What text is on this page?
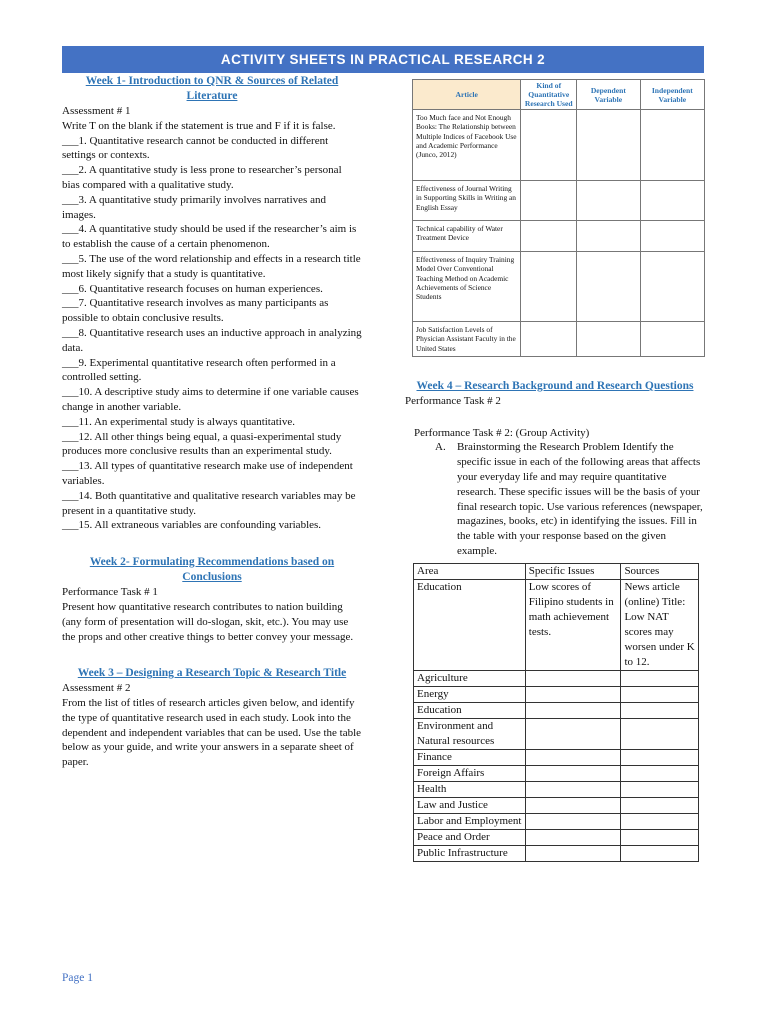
ACTIVITY SHEETS IN PRACTICAL RESEARCH 2
Week 1- Introduction to QNR & Sources of Related Literature
Assessment # 1
Write T on the blank if the statement is true and F if it is false.
___1. Quantitative research cannot be conducted in different settings or contexts.
___2. A quantitative study is less prone to researcher’s personal bias compared with a qualitative study.
___3. A quantitative study primarily involves narratives and images.
___4. A quantitative study should be used if the researcher’s aim is to establish the cause of a certain phenomenon.
___5. The use of the word relationship and effects in a research title most likely signify that a study is quantitative.
___6. Quantitative research focuses on human experiences.
___7. Quantitative research involves as many participants as possible to obtain conclusive results.
___8. Quantitative research uses an inductive approach in analyzing data.
___9. Experimental quantitative research often performed in a controlled setting.
___10. A descriptive study aims to determine if one variable causes change in another variable.
___11. An experimental study is always quantitative.
___12. All other things being equal, a quasi-experimental study produces more conclusive results than an experimental study.
___13. All types of quantitative research make use of independent variables.
___14. Both quantitative and qualitative research variables may be present in a quantitative study.
___15. All extraneous variables are confounding variables.
Week 2- Formulating Recommendations based on Conclusions
Performance Task # 1
Present how quantitative research contributes to nation building (any form of presentation will do-slogan, skit, etc.). You may use the props and other creative things to better convey your message.
Week 3 – Designing a Research Topic & Research Title
Assessment # 2
From the list of titles of research articles given below, and identify the type of quantitative research used in each study. Look into the dependent and independent variables that can be used. Use the table below as your guide, and write your answers in a separate sheet of paper.
Article	Kind of Quantitative Research Used	Dependent Variable	Independent Variable
Too Much face and Not Enough Books: The Relationship between Multiple Indices of Facebook Use and Academic Performance (Junco, 2012)			
Effectiveness of Journal Writing in Supporting Skills in Writing an English Essay			
Technical capability of Water Treatment Device			
Effectiveness of Inquiry Training Model Over Conventional Teaching Method on Academic Achievements of Science Students			
Job Satisfaction Levels of Physician Assistant Faculty in the United States			
Week 4 – Research Background and Research Questions
Performance Task # 2
Performance Task # 2: (Group Activity)
A.	Brainstorming the Research Problem Identify the specific issue in each of the following areas that affects your everyday life and may require quantitative research. These specific issues will be the basis of your final research topic. Use various references (newspaper, magazines, books, etc) in identifying the issues. Fill in the table with your response based on the given example.
Area	Specific Issues	Sources
Education	Low scores of Filipino students in math achievement tests.	News article (online) Title: Low NAT scores may worsen under K to 12.
Agriculture		
Energy		
Education		
Environment and Natural resources		
Finance		
Foreign Affairs		
Health		
Law and Justice		
Labor and Employment		
Peace and Order		
Public Infrastructure		
Page 1
